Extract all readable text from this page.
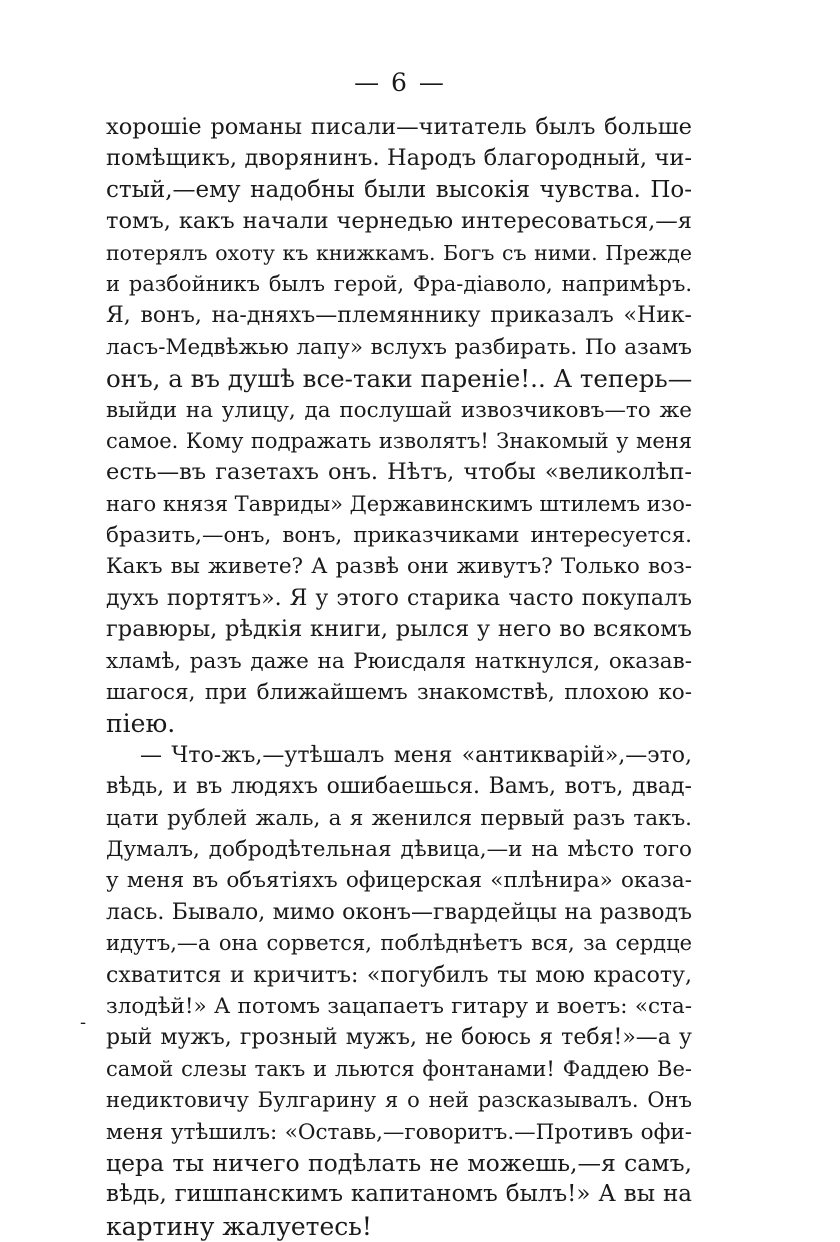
— 6 —
хорошіе романы писали—читатель былъ больше
помѣщикъ, дворянинъ. Народъ благородный, чи-
стый,—ему надобны были высокія чувства. По-
томъ, какъ начали чернедью интересоваться,—я
потерялъ охоту къ книжкамъ. Богъ съ ними. Прежде
и разбойникъ былъ герой, Фра-діаволо, напримѣръ.
Я, вонъ, на-дняхъ—племяннику приказалъ «Ник-
ласъ-Медвѣжью лапу» вслухъ разбирать. По азамъ
онъ, а въ душѣ все-таки пареніе!.. А теперь—
выйди на улицу, да послушай извозчиковъ—то же
самое. Кому подражать изволятъ! Знакомый у меня
есть—въ газетахъ онъ. Нѣтъ, чтобы «великолѣп-
наго князя Тавриды» Державинскимъ штилемъ изо-
бразить,—онъ, вонъ, приказчиками интересуется.
Какъ вы живете? А развѣ они живутъ? Только воз-
духъ портятъ». Я у этого старика часто покупалъ
гравюры, рѣдкія книги, рылся у него во всякомъ
хламѣ, разъ даже на Рюисдаля наткнулся, оказав-
шагося, при ближайшемъ знакомствѣ, плохою ко-
піею.
— Что-жъ,—утѣшалъ меня «антикварій»,—это,
вѣдь, и въ людяхъ ошибаешься. Вамъ, вотъ, двад-
цати рублей жаль, а я женился первый разъ такъ.
Думалъ, добродѣтельная дѣвица,—и на мѣсто того
у меня въ объятіяхъ офицерская «плѣнира» оказа-
лась. Бывало, мимо оконъ—гвардейцы на разводъ
идутъ,—а она сорвется, поблѣднѣетъ вся, за сердце
схватится и кричитъ: «погубилъ ты мою красоту,
злодѣй!» А потомъ зацапаетъ гитару и воетъ: «ста-
рый мужъ, грозный мужъ, не боюсь я тебя!»—а у
самой слезы такъ и льются фонтанами! Фаддею Ве-
недиктовичу Булгарину я о ней разсказывалъ. Онъ
меня утѣшилъ: «Оставь,—говоритъ.—Противъ офи-
цера ты ничего подѣлать не можешь,—я самъ,
вѣдь, гишпанскимъ капитаномъ былъ!» А вы на
картину жалуетесь!
-
